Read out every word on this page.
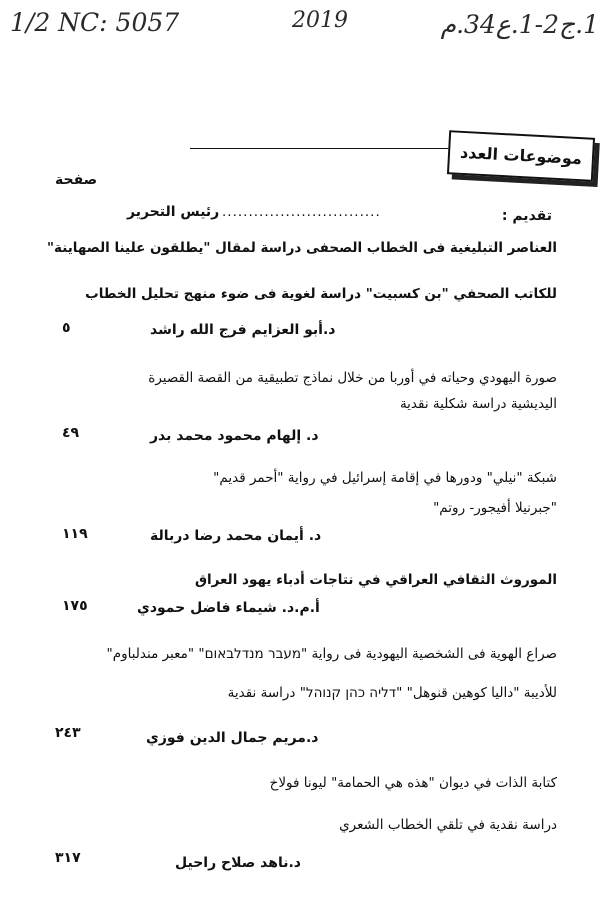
1/2 NC: 5057	2019	1.ج2-1.ع34.م
موضوعات العدد
صفحة
تقديم :
..............................
رئيس التحرير
العناصر التبليغية فى الخطاب الصحفى دراسة لمقال "يطلقون علينا الصهاينة"
للكاتب الصحفي "بن كسبيت" دراسة لغوية فى ضوء منهج تحليل الخطاب
د.أبو العزايم فرج الله راشد
٥
صورة اليهودي وحياته في أوربا من خلال نماذج تطبيقية من القصة القصيرة
اليديشية دراسة شكلية نقدية
د. إلهام محمود محمد بدر
٤٩
شبكة "نيلي" ودورها في إقامة إسرائيل في رواية "أحمر قديم"
"جبرنيلا أفيجور- روتم"
د. أيمان محمد رضا دربالة
١١٩
الموروث الثقافي العراقي في نتاجات أدباء يهود العراق
أ.م.د. شيماء فاضل حمودي
١٧٥
صراع الهوية فى الشخصية اليهودية فى رواية "מעבר מנדלבאום" "معبر مندلباوم"
للأديبة "داليا كوهين قنوهل" "דליה כהן קנוהל" دراسة نقدية
د.مريم جمال الدين فوزي
٢٤٣
كتابة الذات في ديوان "هذه هي الحمامة" ليونا فولاخ
دراسة نقدية في تلقي الخطاب الشعري
د.ناهد صلاح راحيل
٣١٧
